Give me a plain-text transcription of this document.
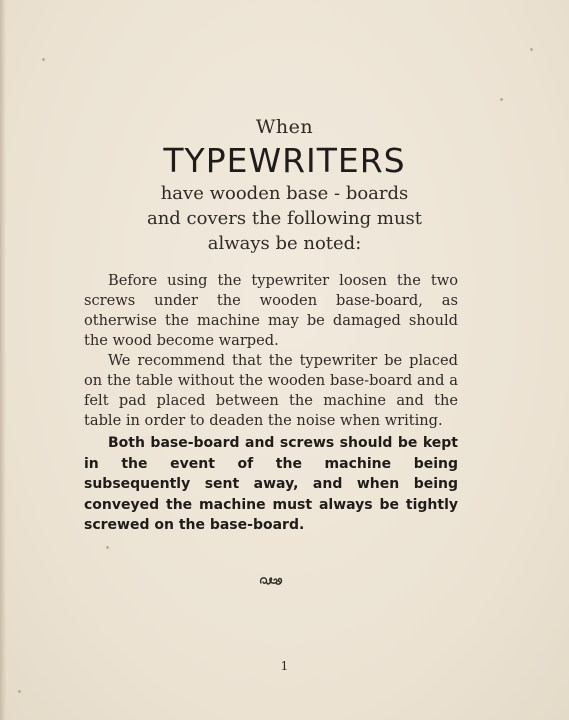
When
TYPEWRITERS
have wooden base - boards
and covers the following must
always be noted:
Before using the typewriter loosen the two screws under the wooden base-board, as otherwise the machine may be damaged should the wood become warped.
We recommend that the typewriter be placed on the table without the wooden base-board and a felt pad placed between the machine and the table in order to deaden the noise when writing.
Both base-board and screws should be kept in the event of the machine being subsequently sent away, and when being conveyed the machine must always be tightly screwed on the base-board.
1
